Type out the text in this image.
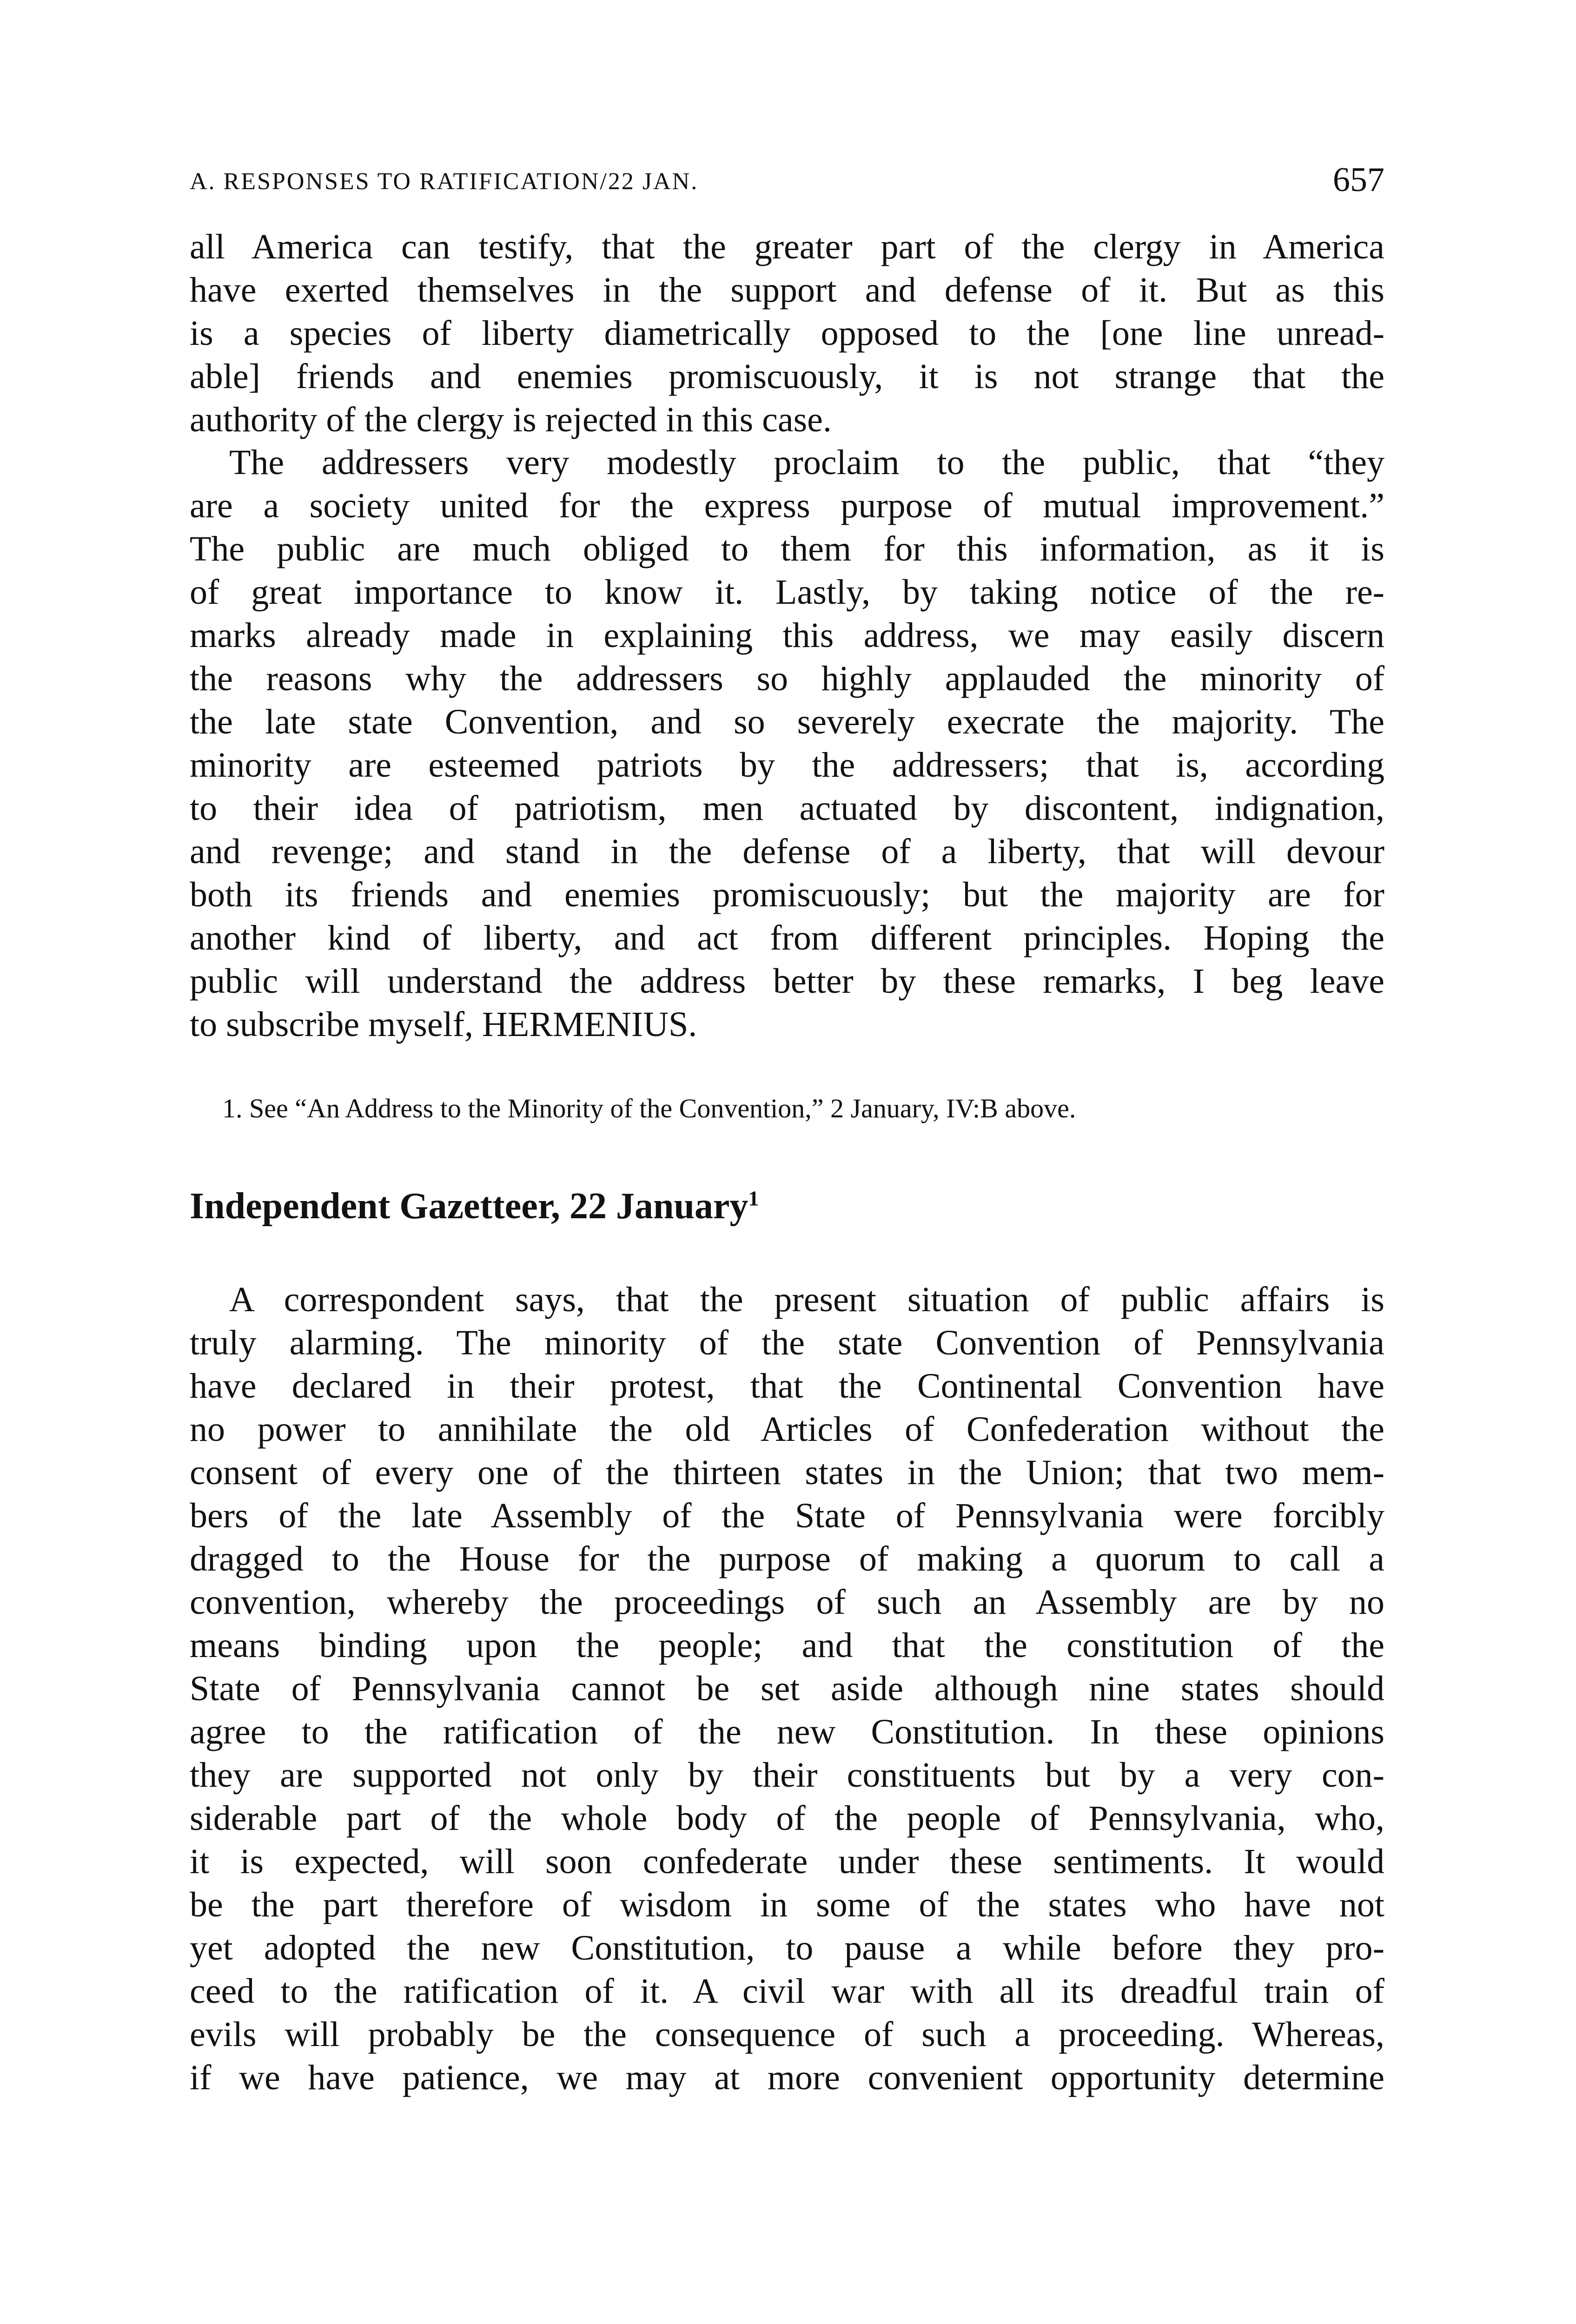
A. RESPONSES TO RATIFICATION/22 JAN.	657
all America can testify, that the greater part of the clergy in America
have exerted themselves in the support and defense of it. But as this
is a species of liberty diametrically opposed to the [one line unread-
able] friends and enemies promiscuously, it is not strange that the
authority of the clergy is rejected in this case.
The addressers very modestly proclaim to the public, that “they
are a society united for the express purpose of mutual improvement.”
The public are much obliged to them for this information, as it is
of great importance to know it. Lastly, by taking notice of the re-
marks already made in explaining this address, we may easily discern
the reasons why the addressers so highly applauded the minority of
the late state Convention, and so severely execrate the majority. The
minority are esteemed patriots by the addressers; that is, according
to their idea of patriotism, men actuated by discontent, indignation,
and revenge; and stand in the defense of a liberty, that will devour
both its friends and enemies promiscuously; but the majority are for
another kind of liberty, and act from different principles. Hoping the
public will understand the address better by these remarks, I beg leave
to subscribe myself, HERMENIUS.
1. See “An Address to the Minority of the Convention,” 2 January, IV:B above.
Independent Gazetteer, 22 January$^1$
A correspondent says, that the present situation of public affairs is
truly alarming. The minority of the state Convention of Pennsylvania
have declared in their protest, that the Continental Convention have
no power to annihilate the old Articles of Confederation without the
consent of every one of the thirteen states in the Union; that two mem-
bers of the late Assembly of the State of Pennsylvania were forcibly
dragged to the House for the purpose of making a quorum to call a
convention, whereby the proceedings of such an Assembly are by no
means binding upon the people; and that the constitution of the
State of Pennsylvania cannot be set aside although nine states should
agree to the ratification of the new Constitution. In these opinions
they are supported not only by their constituents but by a very con-
siderable part of the whole body of the people of Pennsylvania, who,
it is expected, will soon confederate under these sentiments. It would
be the part therefore of wisdom in some of the states who have not
yet adopted the new Constitution, to pause a while before they pro-
ceed to the ratification of it. A civil war with all its dreadful train of
evils will probably be the consequence of such a proceeding. Whereas,
if we have patience, we may at more convenient opportunity determine
